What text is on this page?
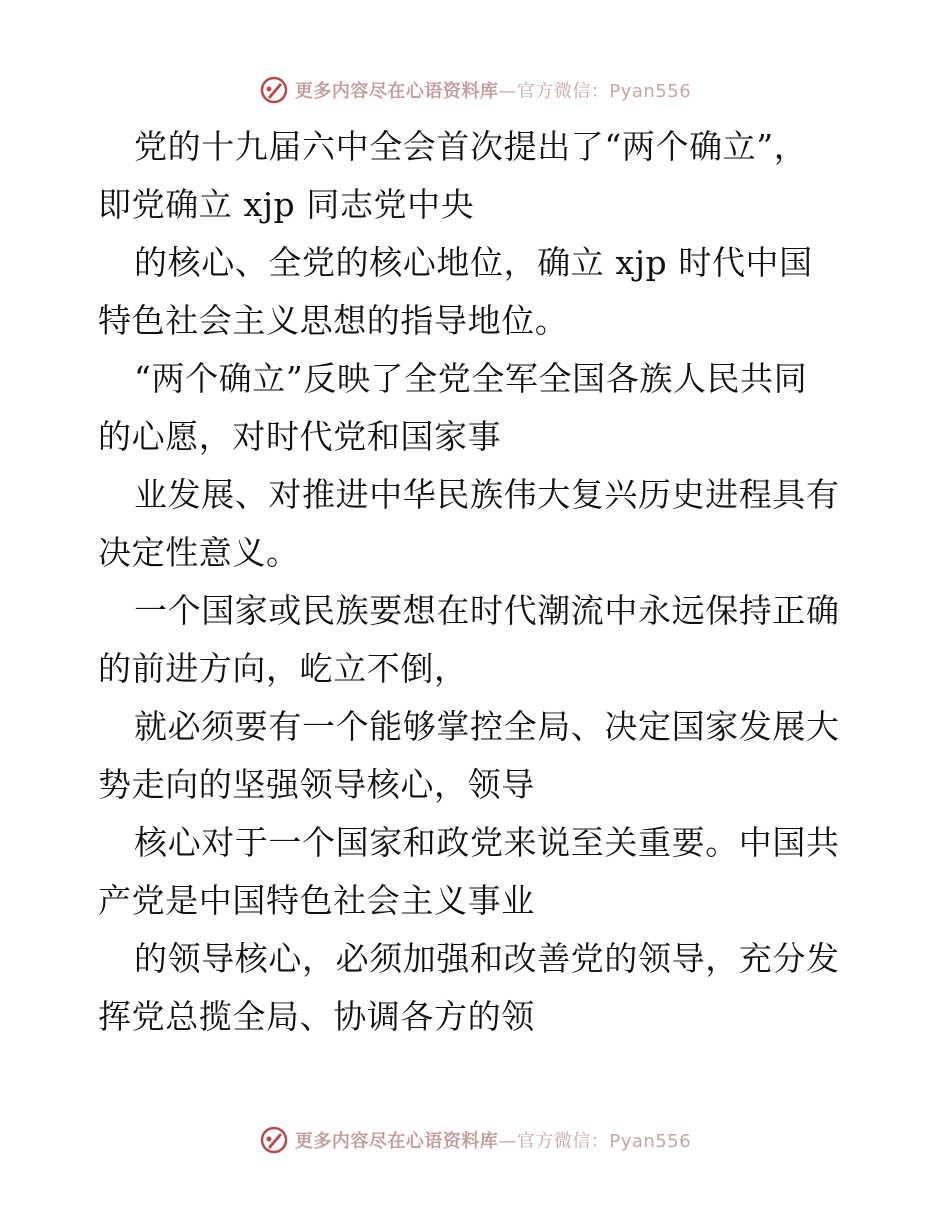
更多内容尽在心语资料库—官方微信：Pyan556
党的十九届六中全会首次提出了“两个确立”，
即党确立 xjp 同志党中央
的核心、全党的核心地位，确立 xjp 时代中国
特色社会主义思想的指导地位。
“两个确立”反映了全党全军全国各族人民共同
的心愿，对时代党和国家事
业发展、对推进中华民族伟大复兴历史进程具有
决定性意义。
一个国家或民族要想在时代潮流中永远保持正确
的前进方向，屹立不倒，
就必须要有一个能够掌控全局、决定国家发展大
势走向的坚强领导核心，领导
核心对于一个国家和政党来说至关重要。中国共
产党是中国特色社会主义事业
的领导核心，必须加强和改善党的领导，充分发
挥党总揽全局、协调各方的领
更多内容尽在心语资料库—官方微信：Pyan556
